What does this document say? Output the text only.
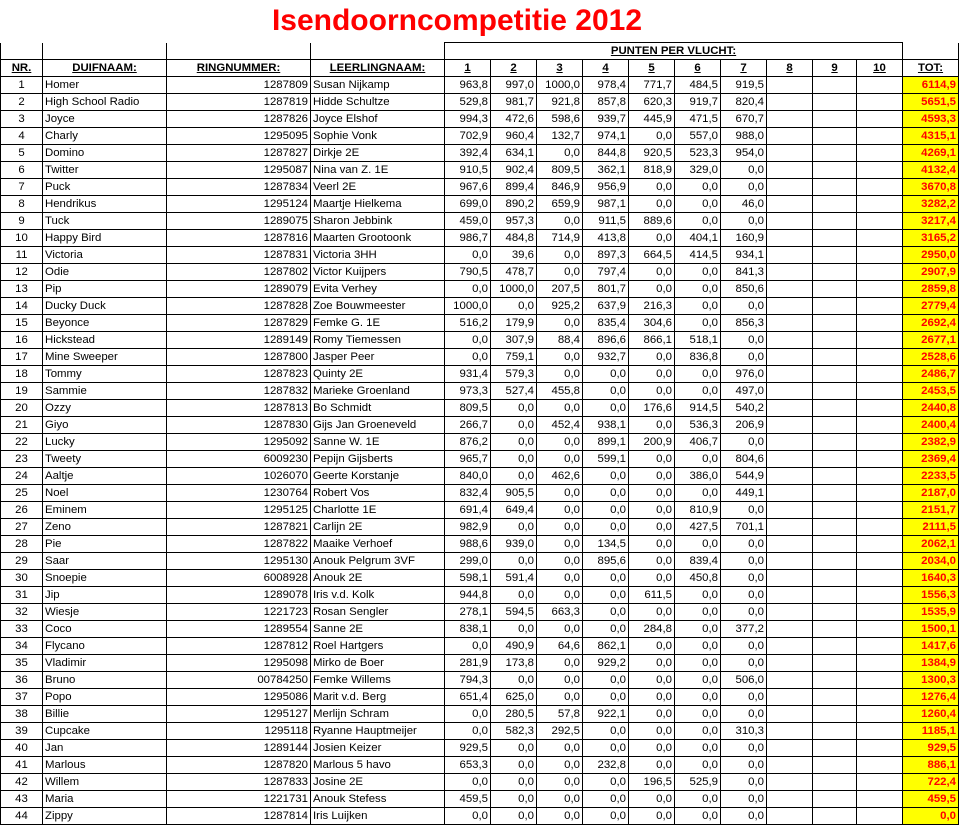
Isendoorncompetitie 2012
				PUNTEN PER VLUCHT:										
NR.	DUIFNAAM:	RINGNUMMER:	LEERLINGNAAM:	1	2	3	4	5	6	7	8	9	10	TOT:
1	Homer	1287809	Susan Nijkamp	963,8	997,0	1000,0	978,4	771,7	484,5	919,5				6114,9
2	High School Radio	1287819	Hidde Schultze	529,8	981,7	921,8	857,8	620,3	919,7	820,4				5651,5
3	Joyce	1287826	Joyce Elshof	994,3	472,6	598,6	939,7	445,9	471,5	670,7				4593,3
4	Charly	1295095	Sophie Vonk	702,9	960,4	132,7	974,1	0,0	557,0	988,0				4315,1
5	Domino	1287827	Dirkje 2E	392,4	634,1	0,0	844,8	920,5	523,3	954,0				4269,1
6	Twitter	1295087	Nina van Z. 1E	910,5	902,4	809,5	362,1	818,9	329,0	0,0				4132,4
7	Puck	1287834	Veerl 2E	967,6	899,4	846,9	956,9	0,0	0,0	0,0				3670,8
8	Hendrikus	1295124	Maartje Hielkema	699,0	890,2	659,9	987,1	0,0	0,0	46,0				3282,2
9	Tuck	1289075	Sharon Jebbink	459,0	957,3	0,0	911,5	889,6	0,0	0,0				3217,4
10	Happy Bird	1287816	Maarten Grootoonk	986,7	484,8	714,9	413,8	0,0	404,1	160,9				3165,2
11	Victoria	1287831	Victoria 3HH	0,0	39,6	0,0	897,3	664,5	414,5	934,1				2950,0
12	Odie	1287802	Victor Kuijpers	790,5	478,7	0,0	797,4	0,0	0,0	841,3				2907,9
13	Pip	1289079	Evita Verhey	0,0	1000,0	207,5	801,7	0,0	0,0	850,6				2859,8
14	Ducky Duck	1287828	Zoe Bouwmeester	1000,0	0,0	925,2	637,9	216,3	0,0	0,0				2779,4
15	Beyonce	1287829	Femke G. 1E	516,2	179,9	0,0	835,4	304,6	0,0	856,3				2692,4
16	Hickstead	1289149	Romy Tiemessen	0,0	307,9	88,4	896,6	866,1	518,1	0,0				2677,1
17	Mine Sweeper	1287800	Jasper Peer	0,0	759,1	0,0	932,7	0,0	836,8	0,0				2528,6
18	Tommy	1287823	Quinty 2E	931,4	579,3	0,0	0,0	0,0	0,0	976,0				2486,7
19	Sammie	1287832	Marieke Groenland	973,3	527,4	455,8	0,0	0,0	0,0	497,0				2453,5
20	Ozzy	1287813	Bo Schmidt	809,5	0,0	0,0	0,0	176,6	914,5	540,2				2440,8
21	Giyo	1287830	Gijs Jan Groeneveld	266,7	0,0	452,4	938,1	0,0	536,3	206,9				2400,4
22	Lucky	1295092	Sanne W. 1E	876,2	0,0	0,0	899,1	200,9	406,7	0,0				2382,9
23	Tweety	6009230	Pepijn Gijsberts	965,7	0,0	0,0	599,1	0,0	0,0	804,6				2369,4
24	Aaltje	1026070	Geerte Korstanje	840,0	0,0	462,6	0,0	0,0	386,0	544,9				2233,5
25	Noel	1230764	Robert Vos	832,4	905,5	0,0	0,0	0,0	0,0	449,1				2187,0
26	Eminem	1295125	Charlotte 1E	691,4	649,4	0,0	0,0	0,0	810,9	0,0				2151,7
27	Zeno	1287821	Carlijn 2E	982,9	0,0	0,0	0,0	0,0	427,5	701,1				2111,5
28	Pie	1287822	Maaike Verhoef	988,6	939,0	0,0	134,5	0,0	0,0	0,0				2062,1
29	Saar	1295130	Anouk Pelgrum 3VF	299,0	0,0	0,0	895,6	0,0	839,4	0,0				2034,0
30	Snoepie	6008928	Anouk 2E	598,1	591,4	0,0	0,0	0,0	450,8	0,0				1640,3
31	Jip	1289078	Iris v.d. Kolk	944,8	0,0	0,0	0,0	611,5	0,0	0,0				1556,3
32	Wiesje	1221723	Rosan Sengler	278,1	594,5	663,3	0,0	0,0	0,0	0,0				1535,9
33	Coco	1289554	Sanne 2E	838,1	0,0	0,0	0,0	284,8	0,0	377,2				1500,1
34	Flycano	1287812	Roel Hartgers	0,0	490,9	64,6	862,1	0,0	0,0	0,0				1417,6
35	Vladimir	1295098	Mirko de Boer	281,9	173,8	0,0	929,2	0,0	0,0	0,0				1384,9
36	Bruno	00784250	Femke Willems	794,3	0,0	0,0	0,0	0,0	0,0	506,0				1300,3
37	Popo	1295086	Marit v.d. Berg	651,4	625,0	0,0	0,0	0,0	0,0	0,0				1276,4
38	Billie	1295127	Merlijn Schram	0,0	280,5	57,8	922,1	0,0	0,0	0,0				1260,4
39	Cupcake	1295118	Ryanne Hauptmeijer	0,0	582,3	292,5	0,0	0,0	0,0	310,3				1185,1
40	Jan	1289144	Josien Keizer	929,5	0,0	0,0	0,0	0,0	0,0	0,0				929,5
41	Marlous	1287820	Marlous 5 havo	653,3	0,0	0,0	232,8	0,0	0,0	0,0				886,1
42	Willem	1287833	Josine 2E	0,0	0,0	0,0	0,0	196,5	525,9	0,0				722,4
43	Maria	1221731	Anouk Stefess	459,5	0,0	0,0	0,0	0,0	0,0	0,0				459,5
44	Zippy	1287814	Iris Luijken	0,0	0,0	0,0	0,0	0,0	0,0	0,0				0,0
